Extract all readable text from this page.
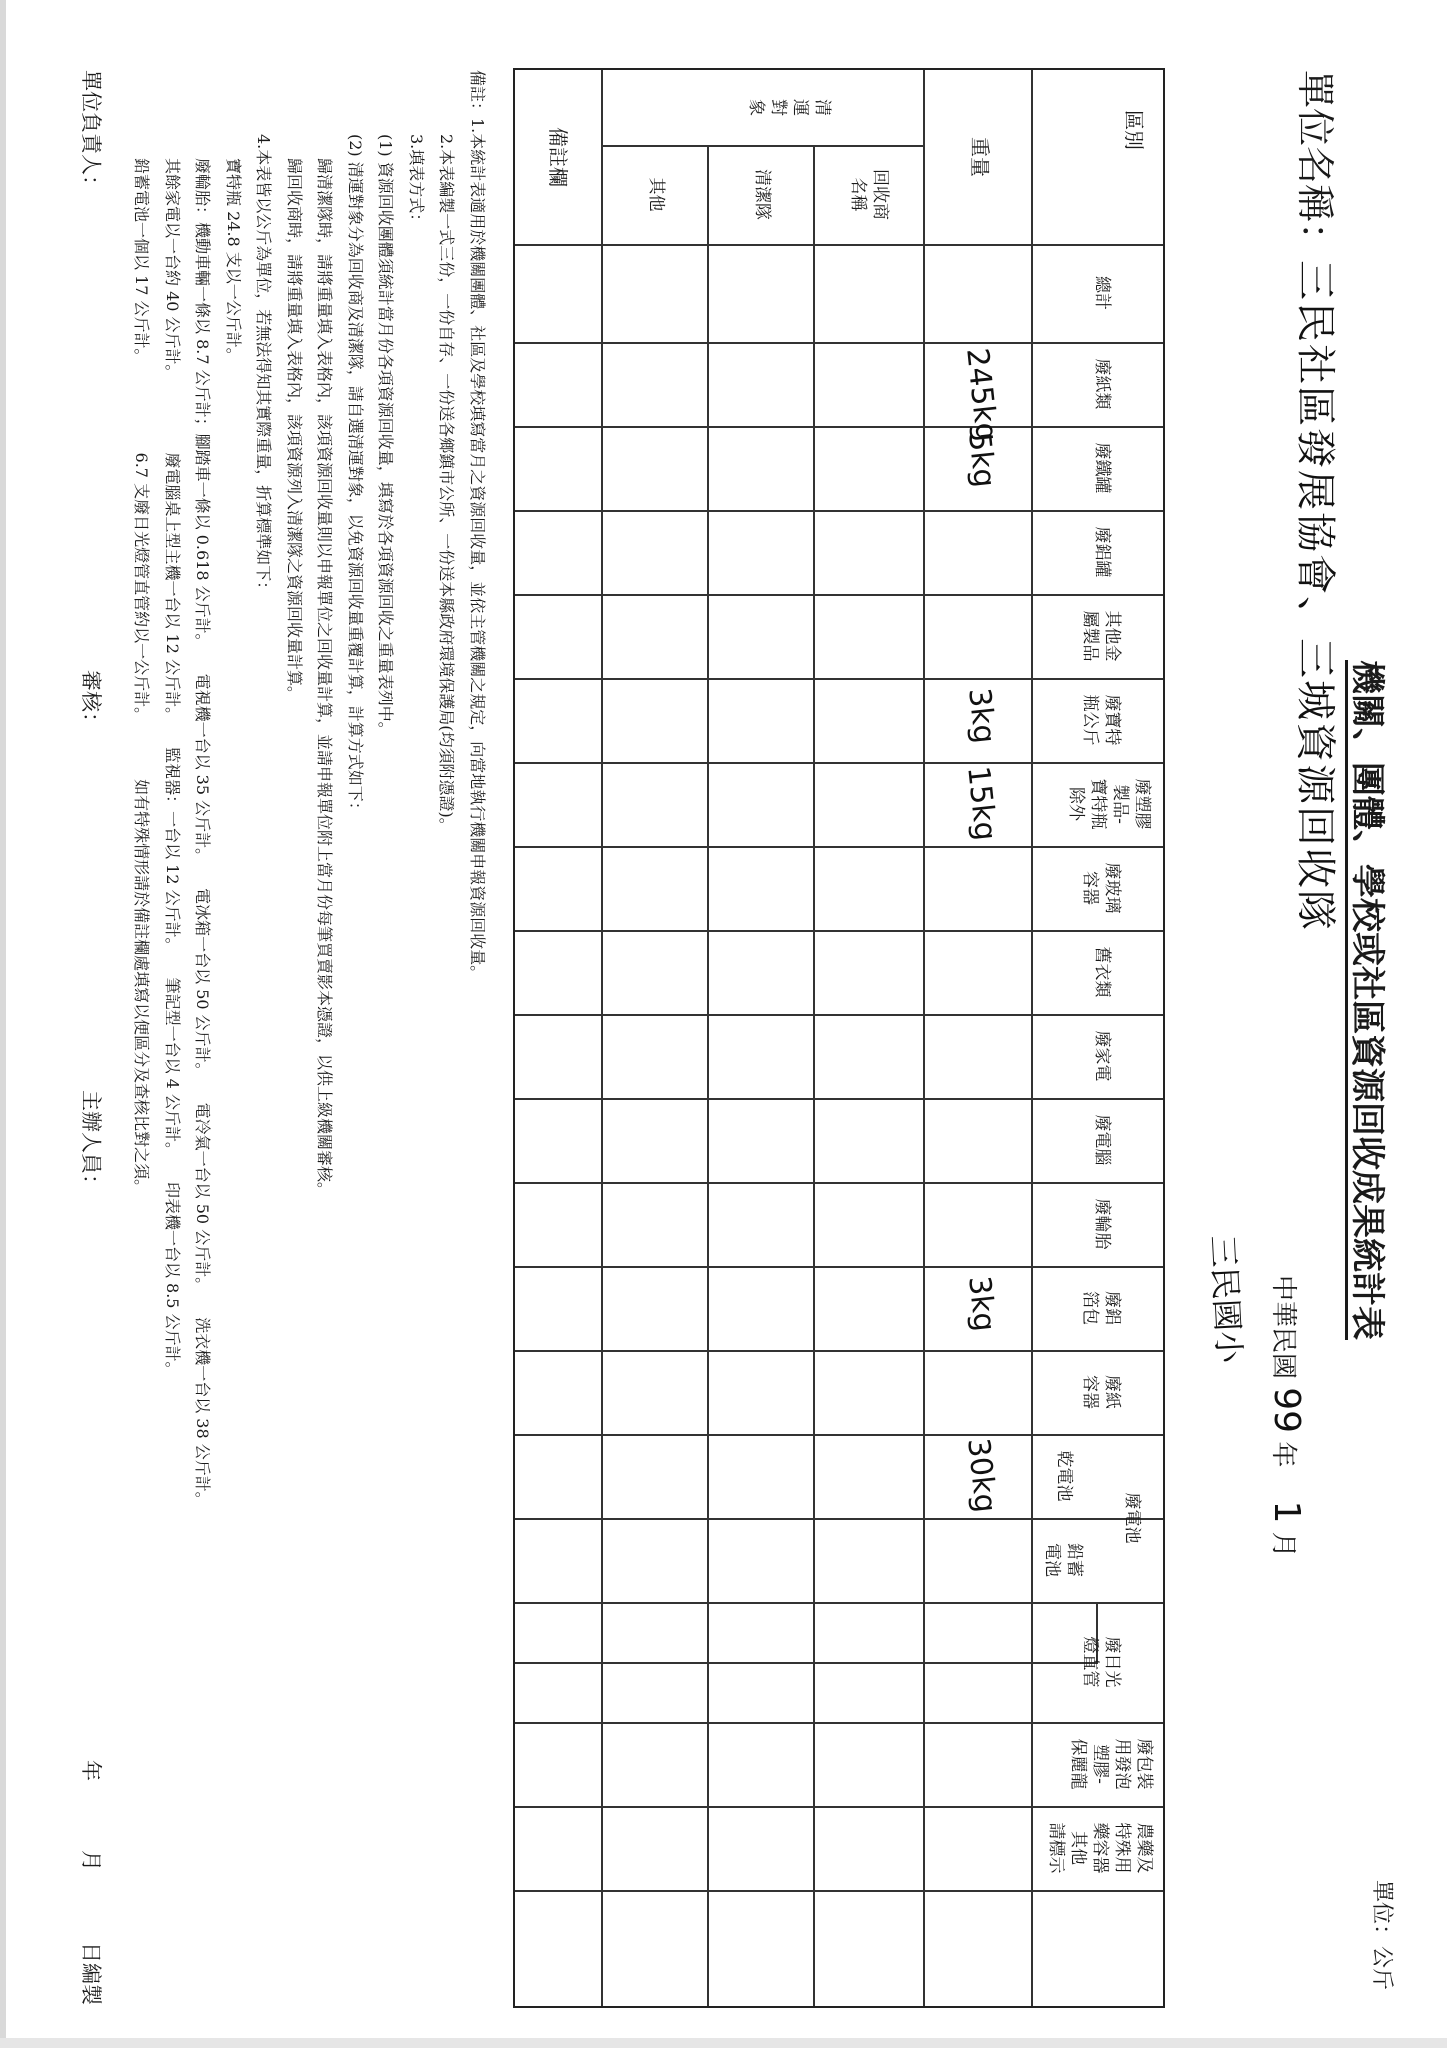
機關、團體、學校或社區資源回收成果統計表
單位：公斤
單位名稱：三民社區發展協會、三城資源回收隊
中華民國 99 年    1 月
三民國小
區別
總計
廢紙類
廢鐵罐
廢鋁罐
其他金
屬製品
廢寶特
瓶公斤
廢塑膠
製品-
寶特瓶
除外
廢玻璃
容器
舊衣類
廢家電
廢電腦
廢輪胎
廢鋁
箔包
廢紙
容器
廢電池
乾電池
鉛蓄
電池
廢日光
燈直管
廢包裝
用發泡
塑膠-
保麗龍
農藥及
特殊用
藥容器
其他
請標示
重量
清
運
對
象
回收商
名稱
清潔隊
其他
備註欄
245kg
5kg
3kg
15kg
3kg
30kg
備註：1.本統計表適用於機關團體、社區及學校填寫當月之資源回收量，並依主管機關之規定，向當地執行機關申報資源回收量。
2.本表編製一式三份，一份自存、一份送各鄉鎮市公所、一份送本縣政府環境保護局(均須附憑證)。
3.填表方式：
(1) 資源回收團體須統計當月份各項資源回收量，填寫於各項資源回收之重量表列中。
(2) 清運對象分為回收商及清潔隊，請自選清運對象，以免資源回收量重覆計算，計算方式如下：
歸清潔隊時，請將重量填入表格內，該項資源回收量則以申報單位之回收量計算，並請申報單位附上當月份每筆買賣影本憑證，以供上級機關審核。
歸回收商時，請將重量填入表格內，該項資源列入清潔隊之資源回收量計算。
4.本表皆以公斤為單位，若無法得知其實際重量，折算標準如下：
寶特瓶 24.8 支以一公斤計。
廢輪胎：機動車輛一條以 8.7 公斤計；腳踏車一條以 0.618 公斤計。　　電視機一台以 35 公斤計。　　電冰箱一台以 50 公斤計。　　電冷氣一台以 50 公斤計。　　洗衣機一台以 38 公斤計。
其餘家電以一台約 40 公斤計。　　　　　廢電腦桌上型主機一台以 12 公斤計。　　監視器：一台以 12 公斤計。　　筆記型一台以 4 公斤計。　　印表機一台以 8.5 公斤計。
鉛蓄電池一個以 17 公斤計。　　　　　　6.7 支廢日光燈管直管約以一公斤計。　　　　如有特殊情形請於備註欄處填寫以便區分及查核比對之須。
單位負責人：
審核：
主辦人員：
年
月
日編製
